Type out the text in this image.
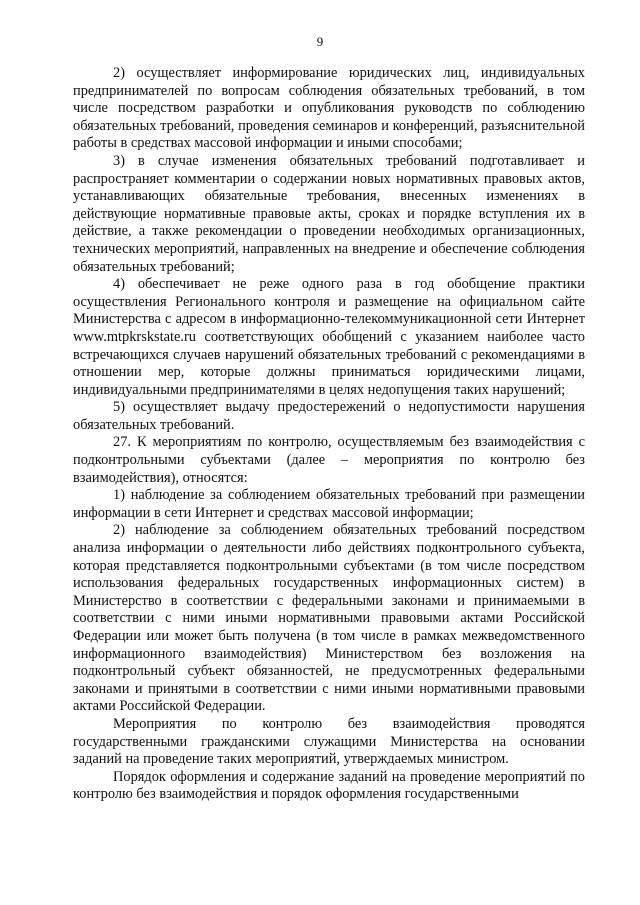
9

2) осуществляет информирование юридических лиц, индивидуальных предпринимателей по вопросам соблюдения обязательных требований, в том числе посредством разработки и опубликования руководств по соблюдению обязательных требований, проведения семинаров и конференций, разъяснительной работы в средствах массовой информации и иными способами;

3) в случае изменения обязательных требований подготавливает и распространяет комментарии о содержании новых нормативных правовых актов, устанавливающих обязательные требования, внесенных изменениях в действующие нормативные правовые акты, сроках и порядке вступления их в действие, а также рекомендации о проведении необходимых организационных, технических мероприятий, направленных на внедрение и обеспечение соблюдения обязательных требований;

4) обеспечивает не реже одного раза в год обобщение практики осуществления Регионального контроля и размещение на официальном сайте Министерства с адресом в информационно-телекоммуникационной сети Интернет www.mtpkrskstate.ru соответствующих обобщений с указанием наиболее часто встречающихся случаев нарушений обязательных требований с рекомендациями в отношении мер, которые должны приниматься юридическими лицами, индивидуальными предпринимателями в целях недопущения таких нарушений;

5) осуществляет выдачу предостережений о недопустимости нарушения обязательных требований.

27. К мероприятиям по контролю, осуществляемым без взаимодействия с подконтрольными субъектами (далее – мероприятия по контролю без взаимодействия), относятся:

1) наблюдение за соблюдением обязательных требований при размещении информации в сети Интернет и средствах массовой информации;

2) наблюдение за соблюдением обязательных требований посредством анализа информации о деятельности либо действиях подконтрольного субъекта, которая представляется подконтрольными субъектами (в том числе посредством использования федеральных государственных информационных систем) в Министерство в соответствии с федеральными законами и принимаемыми в соответствии с ними иными нормативными правовыми актами Российской Федерации или может быть получена (в том числе в рамках межведомственного информационного взаимодействия) Министерством без возложения на подконтрольный субъект обязанностей, не предусмотренных федеральными законами и принятыми в соответствии с ними иными нормативными правовыми актами Российской Федерации.

Мероприятия по контролю без взаимодействия проводятся государственными гражданскими служащими Министерства на основании заданий на проведение таких мероприятий, утверждаемых министром.

Порядок оформления и содержание заданий на проведение мероприятий по контролю без взаимодействия и порядок оформления государственными
